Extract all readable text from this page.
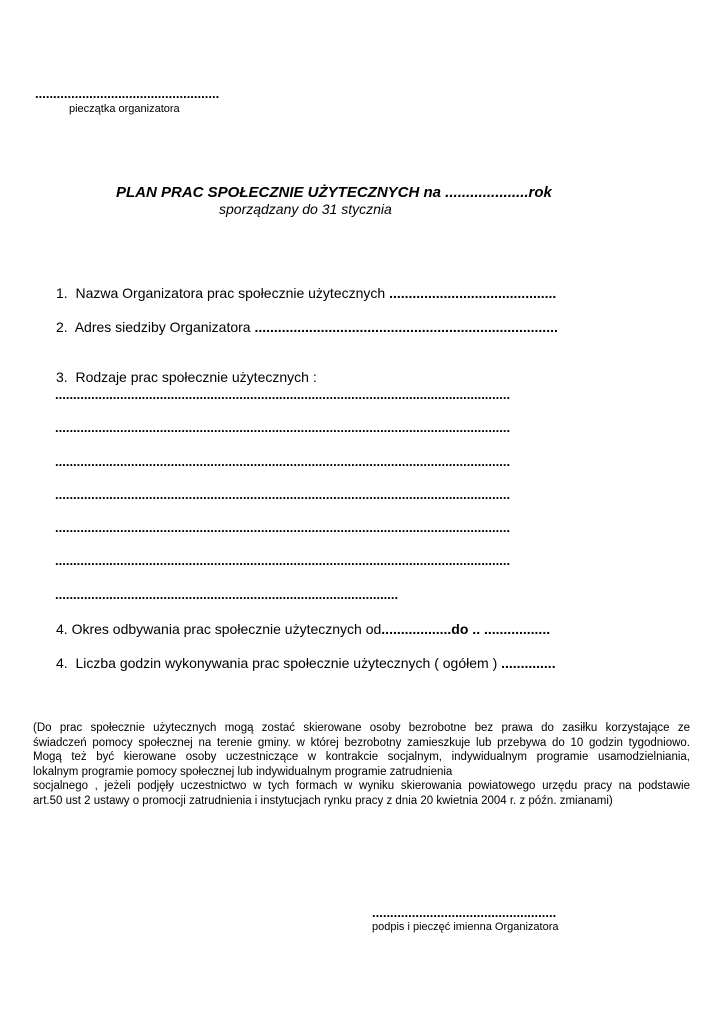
...................................................
pieczątka organizatora
PLAN PRAC SPOŁECZNIE UŻYTECZNYCH na ....................rok
sporządzany do 31 stycznia
1. Nazwa Organizatora prac społecznie użytecznych ...........................................
2. Adres siedziby Organizatora ..............................................................................
3. Rodzaje prac społecznie użytecznych :
..............................................................................................................................
..............................................................................................................................
..............................................................................................................................
..............................................................................................................................
..............................................................................................................................
..............................................................................................................................
...............................................................................................
4. Okres odbywania prac społecznie użytecznych od..................do .. .................
4. Liczba godzin wykonywania prac społecznie użytecznych ( ogółem ) ..............
(Do prac społecznie użytecznych mogą zostać skierowane osoby bezrobotne bez prawa do zasiłku korzystające ze
świadczeń pomocy społecznej na terenie gminy. w której bezrobotny zamieszkuje lub przebywa do 10 godzin tygodniowo.
Mogą też być kierowane osoby uczestniczące w kontrakcie socjalnym, indywidualnym programie usamodzielniania,
lokalnym programie pomocy społecznej lub indywidualnym programie zatrudnienia
socjalnego , jeżeli podjęły uczestnictwo w tych formach w wyniku skierowania powiatowego urzędu pracy na podstawie
art.50 ust 2 ustawy o promocji zatrudnienia i instytucjach rynku pracy z dnia 20 kwietnia 2004 r. z późn. zmianami)
...................................................
podpis i pieczęć imienna Organizatora
